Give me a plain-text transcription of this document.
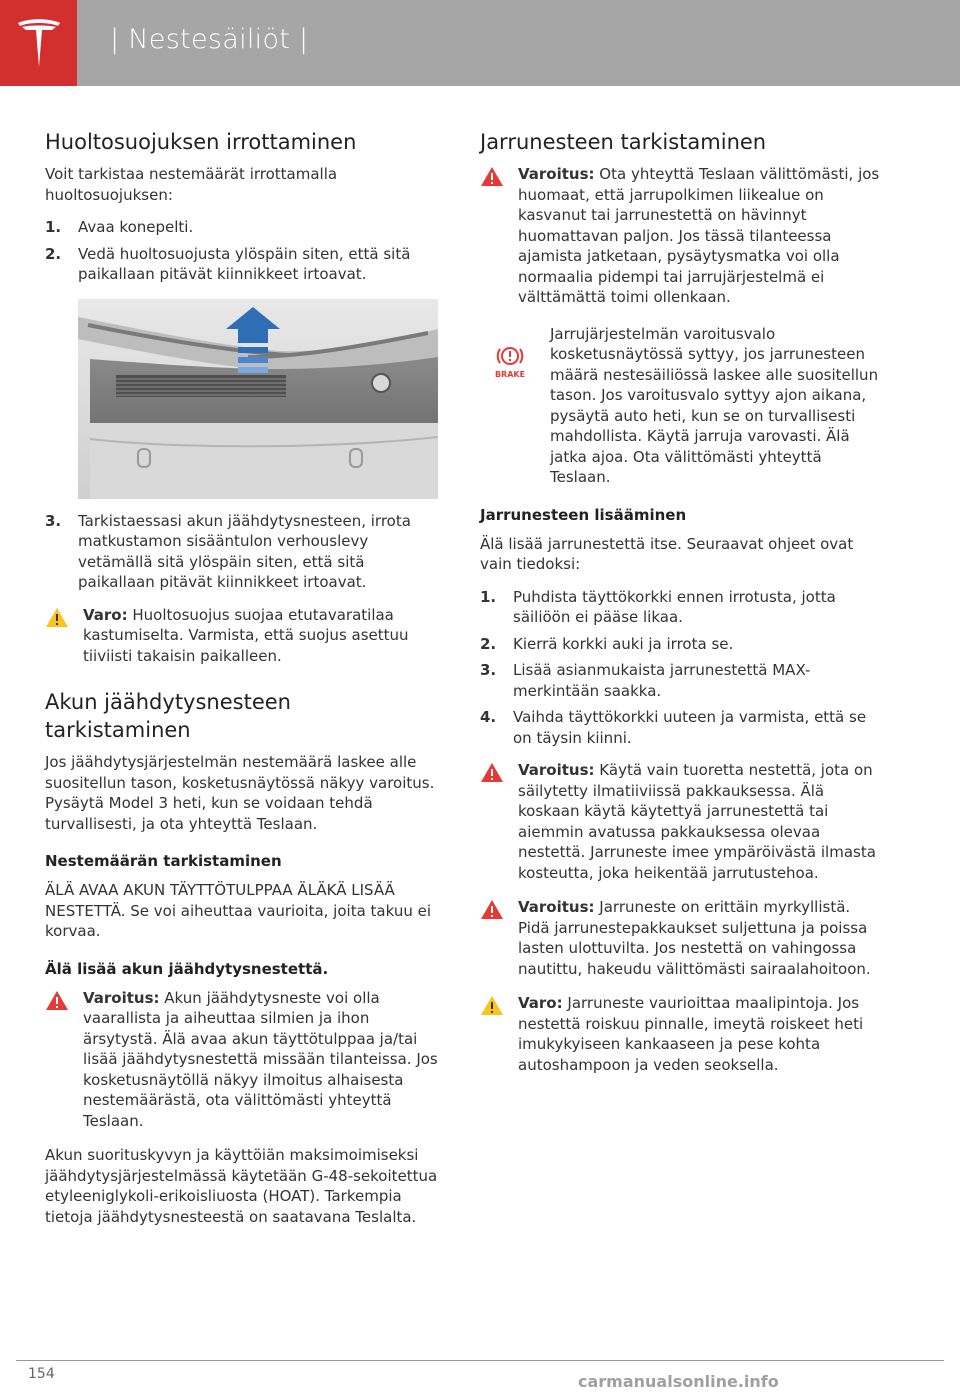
| Nestesäiliöt |
Huoltosuojuksen irrottaminen

Voit tarkistaa nestemäärät irrottamalla huoltosuojuksen:

1.	Avaa konepelti.
2.	Vedä huoltosuojusta ylöspäin siten, että sitä paikallaan pitävät kiinnikkeet irtoavat.
3.	Tarkistaessasi akun jäähdytysnesteen, irrota matkustamon sisääntulon verhouslevy vetämällä sitä ylöspäin siten, että sitä paikallaan pitävät kiinnikkeet irtoavat.
Varo: Huoltosuojus suojaa etutavaratilaa kastumiselta. Varmista, että suojus asettuu tiiviisti takaisin paikalleen.
Akun jäähdytysnesteen tarkistaminen

Jos jäähdytysjärjestelmän nestemäärä laskee alle suositellun tason, kosketusnäytössä näkyy varoitus. Pysäytä Model 3 heti, kun se voidaan tehdä turvallisesti, ja ota yhteyttä Teslaan.

Nestemäärän tarkistaminen

ÄLÄ AVAA AKUN TÄYTTÖTULPPAA ÄLÄKÄ LISÄÄ NESTETTÄ. Se voi aiheuttaa vaurioita, joita takuu ei korvaa.

Älä lisää akun jäähdytysnestettä.
Varoitus: Akun jäähdytysneste voi olla vaarallista ja aiheuttaa silmien ja ihon ärsytystä. Älä avaa akun täyttötulppaa ja/tai lisää jäähdytysnestettä missään tilanteissa. Jos kosketusnäytöllä näkyy ilmoitus alhaisesta nestemäärästä, ota välittömästi yhteyttä Teslaan.

Akun suorituskyvyn ja käyttöiän maksimoimiseksi jäähdytysjärjestelmässä käytetään G-48-sekoitettua etyleeniglykoli-erikoisliuosta (HOAT). Tarkempia tietoja jäähdytysnesteestä on saatavana Teslalta.

Jarrunesteen tarkistaminen
Varoitus: Ota yhteyttä Teslaan välittömästi, jos huomaat, että jarrupolkimen liikealue on kasvanut tai jarrunestettä on hävinnyt huomattavan paljon. Jos tässä tilanteessa ajamista jatketaan, pysäytysmatka voi olla normaalia pidempi tai jarrujärjestelmä ei välttämättä toimi ollenkaan.
BRAKE
Jarrujärjestelmän varoitusvalo kosketusnäytössä syttyy, jos jarrunesteen määrä nestesäiliössä laskee alle suositellun tason. Jos varoitusvalo syttyy ajon aikana, pysäytä auto heti, kun se on turvallisesti mahdollista. Käytä jarruja varovasti. Älä jatka ajoa. Ota välittömästi yhteyttä Teslaan.
Jarrunesteen lisääminen

Älä lisää jarrunestettä itse. Seuraavat ohjeet ovat vain tiedoksi:

1.	Puhdista täyttökorkki ennen irrotusta, jotta säiliöön ei pääse likaa.
2.	Kierrä korkki auki ja irrota se.
3.	Lisää asianmukaista jarrunestettä MAX-merkintään saakka.
4.	Vaihda täyttökorkki uuteen ja varmista, että se on täysin kiinni.
Varoitus: Käytä vain tuoretta nestettä, jota on säilytetty ilmatiiviissä pakkauksessa. Älä koskaan käytä käytettyä jarrunestettä tai aiemmin avatussa pakkauksessa olevaa nestettä. Jarruneste imee ympäröivästä ilmasta kosteutta, joka heikentää jarrutustehoa.
Varoitus: Jarruneste on erittäin myrkyllistä. Pidä jarrunestepakkaukset suljettuna ja poissa lasten ulottuvilta. Jos nestettä on vahingossa nautittu, hakeudu välittömästi sairaalahoitoon.
Varo: Jarruneste vaurioittaa maalipintoja. Jos nestettä roiskuu pinnalle, imeytä roiskeet heti imukykyiseen kankaaseen ja pese kohta autoshampoon ja veden seoksella.
154	carmanualsonline.info
